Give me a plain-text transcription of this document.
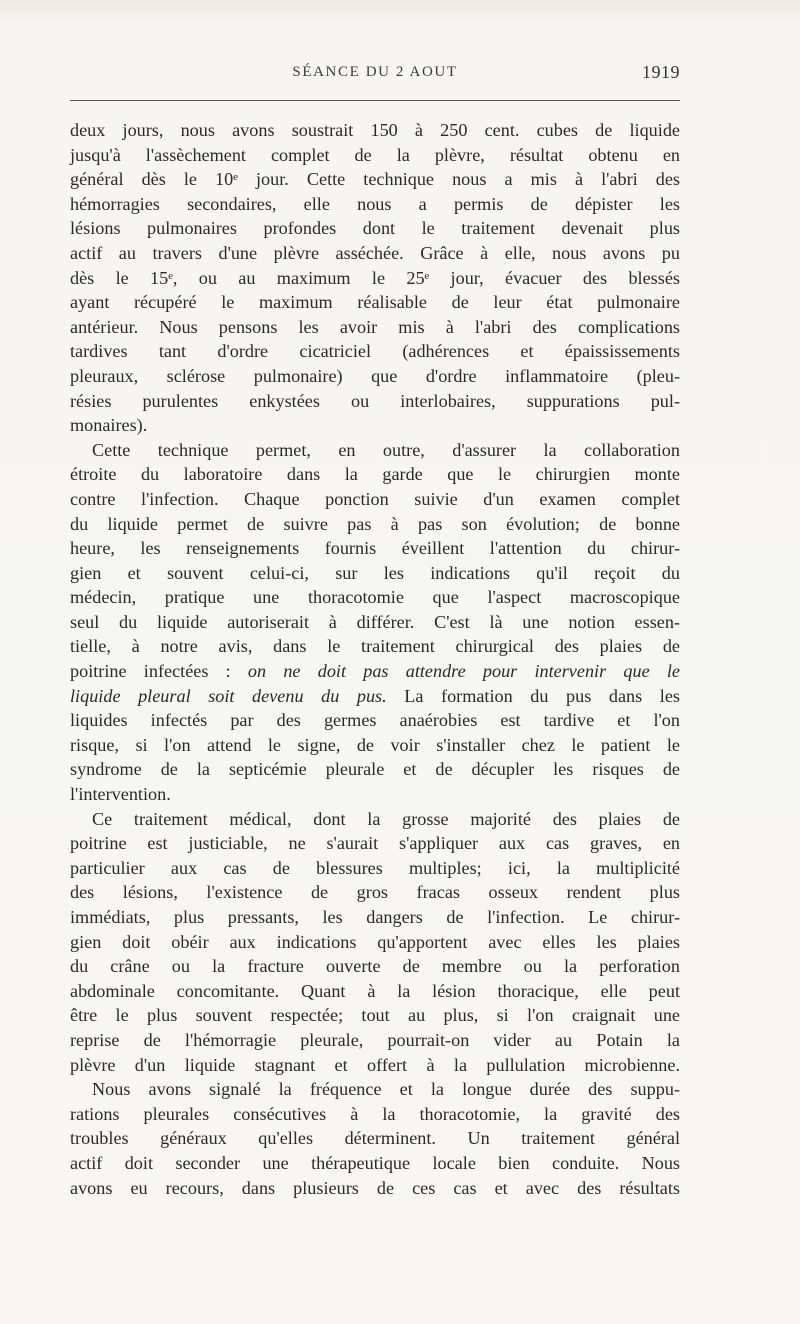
SÉANCE DU 2 AOUT	1919
deux jours, nous avons soustrait 150 à 250 cent. cubes de liquide
jusqu'à l'assèchement complet de la plèvre, résultat obtenu en
général dès le 10ᵉ jour. Cette technique nous a mis à l'abri des
hémorragies secondaires, elle nous a permis de dépister les
lésions pulmonaires profondes dont le traitement devenait plus
actif au travers d'une plèvre asséchée. Grâce à elle, nous avons pu
dès le 15ᵉ, ou au maximum le 25ᵉ jour, évacuer des blessés
ayant récupéré le maximum réalisable de leur état pulmonaire
antérieur. Nous pensons les avoir mis à l'abri des complications
tardives tant d'ordre cicatriciel (adhérences et épaississements
pleuraux, sclérose pulmonaire) que d'ordre inflammatoire (pleu-
résies purulentes enkystées ou interlobaires, suppurations pul-
monaires).
Cette technique permet, en outre, d'assurer la collaboration
étroite du laboratoire dans la garde que le chirurgien monte
contre l'infection. Chaque ponction suivie d'un examen complet
du liquide permet de suivre pas à pas son évolution; de bonne
heure, les renseignements fournis éveillent l'attention du chirur-
gien et souvent celui-ci, sur les indications qu'il reçoit du
médecin, pratique une thoracotomie que l'aspect macroscopique
seul du liquide autoriserait à différer. C'est là une notion essen-
tielle, à notre avis, dans le traitement chirurgical des plaies de
poitrine infectées : on ne doit pas attendre pour intervenir que le
liquide pleural soit devenu du pus. La formation du pus dans les
liquides infectés par des germes anaérobies est tardive et l'on
risque, si l'on attend le signe, de voir s'installer chez le patient le
syndrome de la septicémie pleurale et de décupler les risques de
l'intervention.
Ce traitement médical, dont la grosse majorité des plaies de
poitrine est justiciable, ne s'aurait s'appliquer aux cas graves, en
particulier aux cas de blessures multiples; ici, la multiplicité
des lésions, l'existence de gros fracas osseux rendent plus
immédiats, plus pressants, les dangers de l'infection. Le chirur-
gien doit obéir aux indications qu'apportent avec elles les plaies
du crâne ou la fracture ouverte de membre ou la perforation
abdominale concomitante. Quant à la lésion thoracique, elle peut
être le plus souvent respectée; tout au plus, si l'on craignait une
reprise de l'hémorragie pleurale, pourrait-on vider au Potain la
plèvre d'un liquide stagnant et offert à la pullulation microbienne.
Nous avons signalé la fréquence et la longue durée des suppu-
rations pleurales consécutives à la thoracotomie, la gravité des
troubles généraux qu'elles déterminent. Un traitement général
actif doit seconder une thérapeutique locale bien conduite. Nous
avons eu recours, dans plusieurs de ces cas et avec des résultats
